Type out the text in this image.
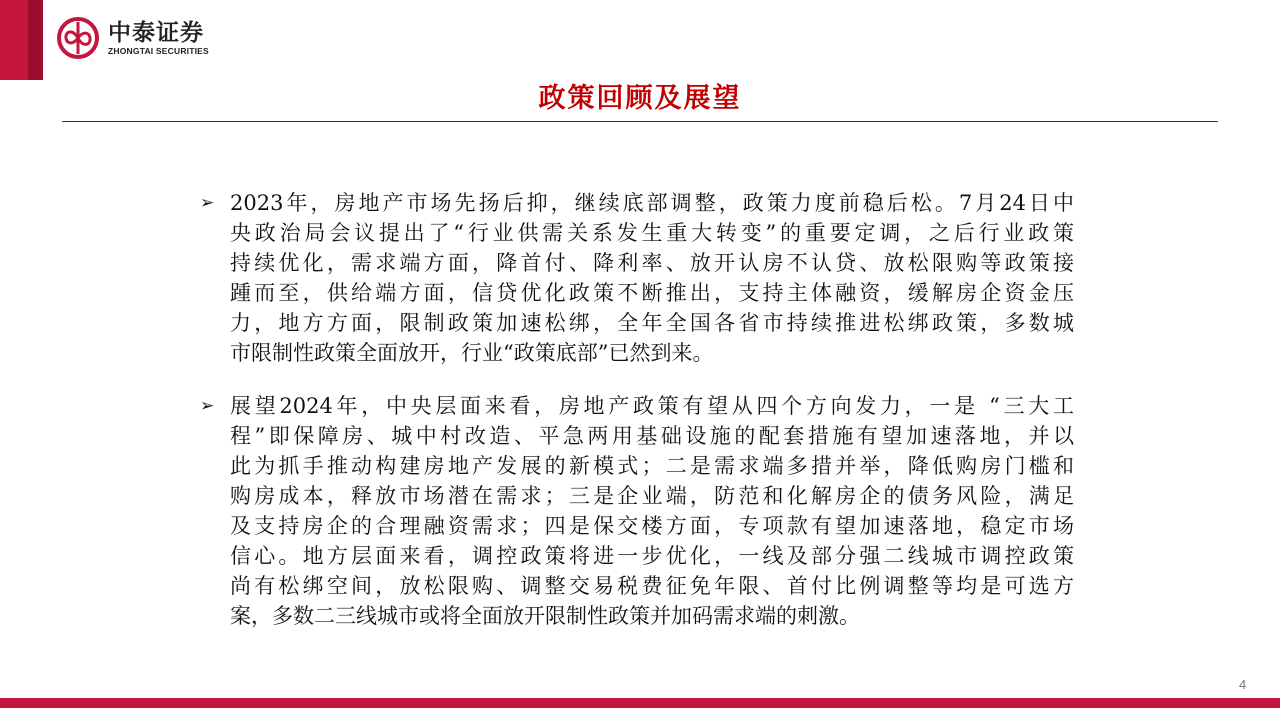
中泰证券
ZHONGTAI SECURITIES
政策回顾及展望
➢ 2023年，房地产市场先扬后抑，继续底部调整，政策力度前稳后松。7月24日中
央政治局会议提出了“行业供需关系发生重大转变”的重要定调，之后行业政策
持续优化，需求端方面，降首付、降利率、放开认房不认贷、放松限购等政策接
踵而至，供给端方面，信贷优化政策不断推出，支持主体融资，缓解房企资金压
力，地方方面，限制政策加速松绑，全年全国各省市持续推进松绑政策，多数城
市限制性政策全面放开，行业“政策底部”已然到来。
➢ 展望2024年，中央层面来看，房地产政策有望从四个方向发力，一是 “三大工
程”即保障房、城中村改造、平急两用基础设施的配套措施有望加速落地，并以
此为抓手推动构建房地产发展的新模式；二是需求端多措并举，降低购房门槛和
购房成本，释放市场潜在需求；三是企业端，防范和化解房企的债务风险，满足
及支持房企的合理融资需求；四是保交楼方面，专项款有望加速落地，稳定市场
信心。地方层面来看，调控政策将进一步优化，一线及部分强二线城市调控政策
尚有松绑空间，放松限购、调整交易税费征免年限、首付比例调整等均是可选方
案，多数二三线城市或将全面放开限制性政策并加码需求端的刺激。
4
